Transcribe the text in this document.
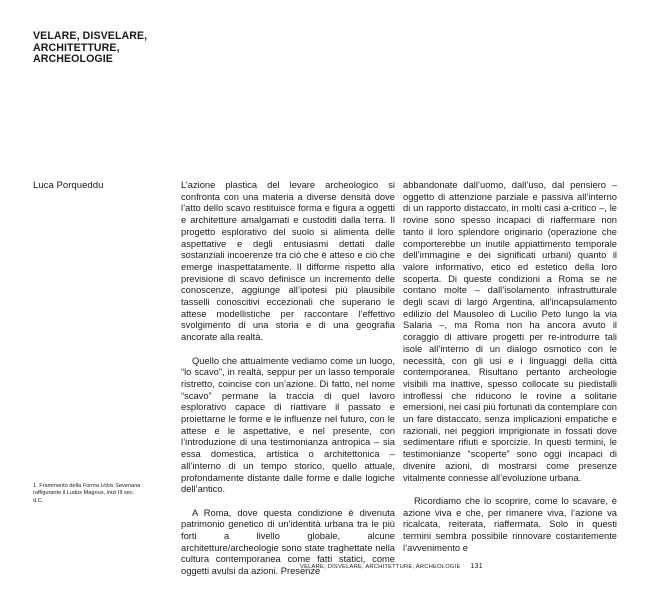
VELARE, DISVELARE,
ARCHITETTURE,
ARCHEOLOGIE
Luca Porqueddu
1. Frammento della Forma Urbis Severiana raffigurante il Ludus Magnus, inizi III sec. d.C.

L’azione plastica del levare archeologico si confronta con una materia a diverse densità dove l’atto dello scavo restituisce forma e figura a oggetti e architetture amalgamati e custoditi dalla terra. Il progetto esplorativo del suolo si alimenta delle aspettative e degli entusiasmi dettati dalle sostanziali incoerenze tra ciò che è atteso e ciò che emerge inaspettatamente. Il difforme rispetto alla previsione di scavo definisce un incremento delle conoscenze, aggiunge all’ipotesi più plausibile tasselli conoscitivi eccezionali che superano le attese modellistiche per raccontare l’effettivo svolgimento di una storia e di una geografia ancorate alla realtà.

Quello che attualmente vediamo come un luogo, “lo scavo”, in realtà, seppur per un lasso temporale ristretto, coincise con un’azione. Di fatto, nel nome “scavo” permane la traccia di quel lavoro esplorativo capace di riattivare il passato e proiettarne le forme e le influenze nel futuro, con le attese e le aspettative, e nel presente, con l’introduzione di una testimonianza antropica – sia essa domestica, artistica o architettonica – all’interno di un tempo storico, quello attuale, profondamente distante dalle forme e dalle logiche dell’antico.

A Roma, dove questa condizione è divenuta patrimonio genetico di un’identità urbana tra le più forti a livello globale, alcune architetture/archeologie sono state traghettate nella cultura contemporanea come fatti statici, come oggetti avulsi da azioni. Presenze

abbandonate dall’uomo, dall’uso, dal pensiero – oggetto di attenzione parziale e passiva all’interno di un rapporto distaccato, in molti casi a-critico –, le rovine sono spesso incapaci di riaffermare non tanto il loro splendore originario (operazione che comporterebbe un inutile appiattimento temporale dell’immagine e dei significati urbani) quanto il valore informativo, etico ed estetico della loro scoperta. Di queste condizioni a Roma se ne contano molte – dall’isolamento infrastrutturale degli scavi di largo Argentina, all’incapsulamento edilizio del Mausoleo di Lucilio Peto lungo la via Salaria –, ma Roma non ha ancora avuto il coraggio di attivare progetti per re-introdurre tali isole all’interno di un dialogo osmotico con le necessità, con gli usi e i linguaggi della città contemporanea. Risultano pertanto archeologie visibili ma inattive, spesso collocate su piedistalli introflessi che riducono le rovine a solitarie emersioni, nei casi più fortunati da contemplare con un fare distaccato, senza implicazioni empatiche e razionali, nei peggiori imprigionate in fossati dove sedimentare rifiuti e sporcizie. In questi termini, le testimonianze “scoperte” sono oggi incapaci di divenire azioni, di mostrarsi come presenze vitalmente connesse all’evoluzione urbana.

Ricordiamo che lo scoprire, come lo scavare, è azione viva e che, per rimanere viva, l’azione va ricalcata, reiterata, riaffermata. Solo in questi termini sembra possibile rinnovare costantemente l’avvenimento e

VELARE, DISVELARE, ARCHITETTURE, ARCHEOLOGIE 131
